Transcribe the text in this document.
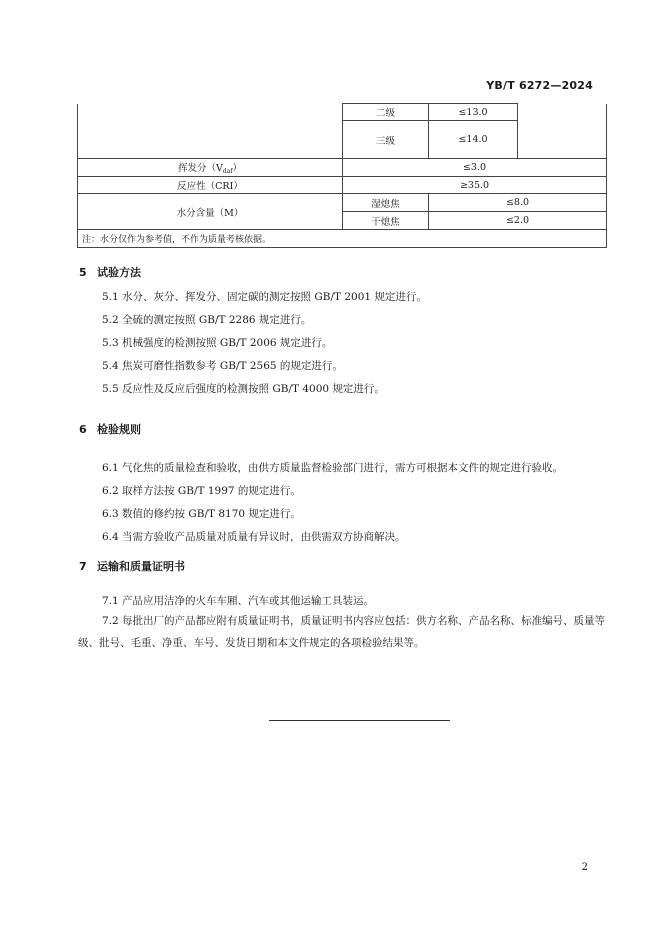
YB/T 6272—2024
	二级	≤13.0	
	三级	≤14.0	
挥发分$(V_{daf})$	≤3.0		
反应性（CRI）	≥35.0		
水分含量（M）	湿熄焦	≤8.0	
	干熄焦	≤2.0	
注：水分仅作为参考值，不作为质量考核依据。			
5 试验方法
5.1 水分、灰分、挥发分、固定碳的测定按照 GB/T 2001 规定进行。
5.2 全硫的测定按照 GB/T 2286 规定进行。
5.3 机械强度的检测按照 GB/T 2006 规定进行。
5.4 焦炭可磨性指数参考 GB/T 2565 的规定进行。
5.5 反应性及反应后强度的检测按照 GB/T 4000 规定进行。
6 检验规则
6.1 气化焦的质量检查和验收，由供方质量监督检验部门进行，需方可根据本文件的规定进行验收。
6.2 取样方法按 GB/T 1997 的规定进行。
6.3 数值的修约按 GB/T 8170 规定进行。
6.4 当需方验收产品质量对质量有异议时，由供需双方协商解决。
7 运输和质量证明书
7.1 产品应用洁净的火车车厢、汽车或其他运输工具装运。
7.2 每批出厂的产品都应附有质量证明书，质量证明书内容应包括：供方名称、产品名称、标准编号、质量等级、批号、毛重、净重、车号、发货日期和本文件规定的各项检验结果等。
2
